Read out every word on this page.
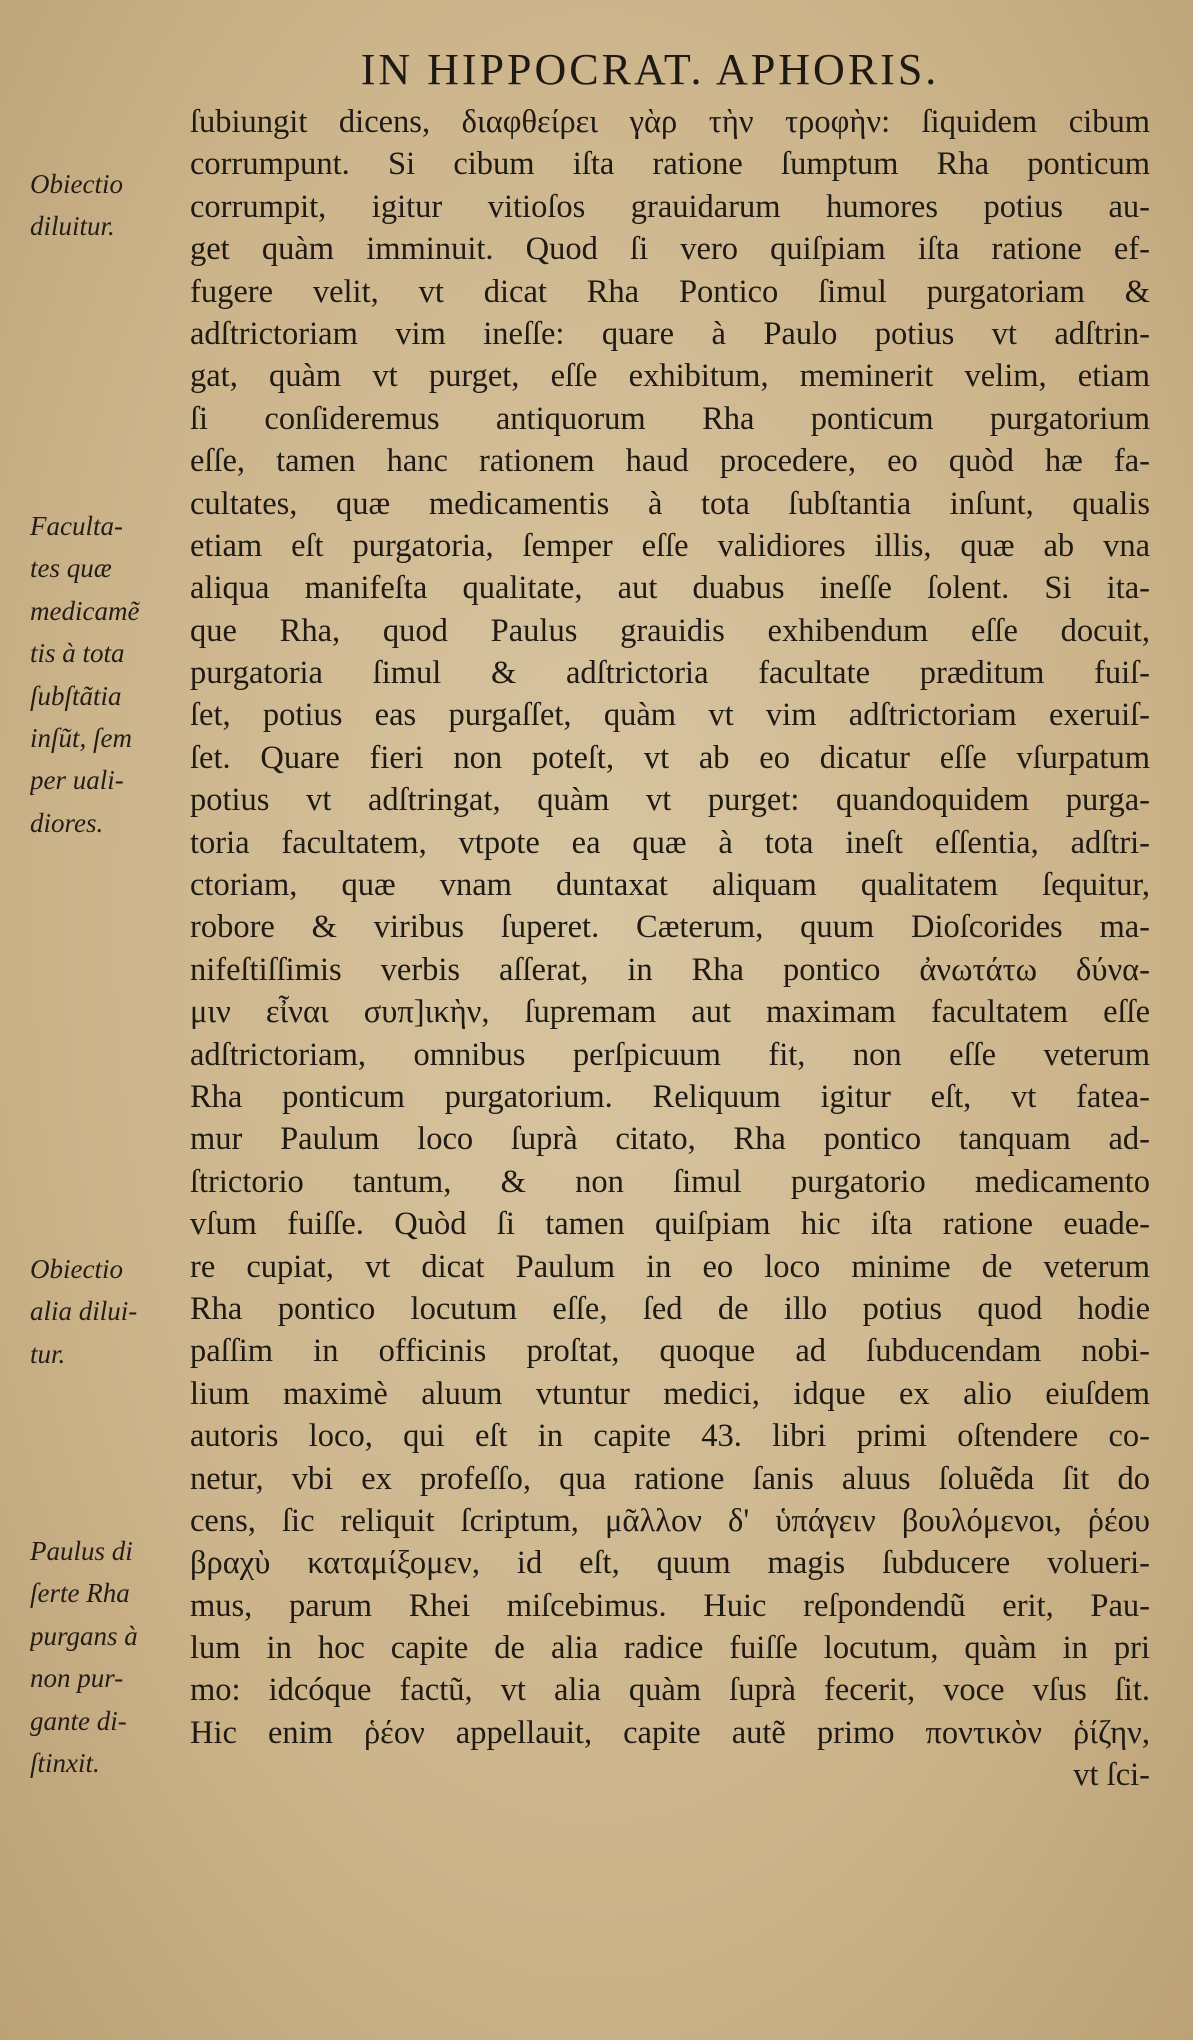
IN HIPPOCRAT. APHORIS.
ſubiungit dicens, διαφθείρει γὰρ τὴν τροφὴν: ſiquidem cibum
corrumpunt. Si cibum iſta ratione ſumptum Rha ponticum
corrumpit, igitur vitioſos grauidarum humores potius au-
get quàm imminuit. Quod ſi vero quiſpiam iſta ratione ef-
fugere velit, vt dicat Rha Pontico ſimul purgatoriam &
adſtrictoriam vim ineſſe: quare à Paulo potius vt adſtrin-
gat, quàm vt purget, eſſe exhibitum, meminerit velim, etiam
ſi conſideremus antiquorum Rha ponticum purgatorium
eſſe, tamen hanc rationem haud procedere, eo quòd hæ fa-
cultates, quæ medicamentis à tota ſubſtantia inſunt, qualis
etiam eſt purgatoria, ſemper eſſe validiores illis, quæ ab vna
aliqua manifeſta qualitate, aut duabus ineſſe ſolent. Si ita-
que Rha, quod Paulus grauidis exhibendum eſſe docuit,
purgatoria ſimul & adſtrictoria facultate præditum fuiſ-
ſet, potius eas purgaſſet, quàm vt vim adſtrictoriam exeruiſ-
ſet. Quare fieri non poteſt, vt ab eo dicatur eſſe vſurpatum
potius vt adſtringat, quàm vt purget: quandoquidem purga-
toria facultatem, vtpote ea quæ à tota ineſt eſſentia, adſtri-
ctoriam, quæ vnam duntaxat aliquam qualitatem ſequitur,
robore & viribus ſuperet. Cæterum, quum Dioſcorides ma-
nifeſtiſſimis verbis aſſerat, in Rha pontico ἀνωτάτω δύνα-
μιν εἶναι συπ]ικὴν, ſupremam aut maximam facultatem eſſe
adſtrictoriam, omnibus perſpicuum fit, non eſſe veterum
Rha ponticum purgatorium. Reliquum igitur eſt, vt fatea-
mur Paulum loco ſuprà citato, Rha pontico tanquam ad-
ſtrictorio tantum, & non ſimul purgatorio medicamento
vſum fuiſſe. Quòd ſi tamen quiſpiam hic iſta ratione euade-
re cupiat, vt dicat Paulum in eo loco minime de veterum
Rha pontico locutum eſſe, ſed de illo potius quod hodie
paſſim in officinis proſtat, quoque ad ſubducendam nobi-
lium maximè aluum vtuntur medici, idque ex alio eiuſdem
autoris loco, qui eſt in capite 43. libri primi oſtendere co-
netur, vbi ex profeſſo, qua ratione ſanis aluus ſoluẽda ſit do
cens, ſic reliquit ſcriptum, μᾶλλον δ' ὑπάγειν βουλόμενοι, ῥέου
βραχὺ καταμίξομεν, id eſt, quum magis ſubducere volueri-
mus, parum Rhei miſcebimus. Huic reſpondendũ erit, Pau-
lum in hoc capite de alia radice fuiſſe locutum, quàm in pri
mo: idcóque factũ, vt alia quàm ſuprà fecerit, voce vſus ſit.
Hic enim ῥέον appellauit, capite autẽ primo ποντικὸν ῥίζην,
vt ſci-
Obiectio
diluitur.
Faculta-
tes quæ
medicamẽ
tis à tota
ſubſtãtia
inſũt, ſem
per uali-
diores.
Obiectio
alia dilui-
tur.
Paulus di
ſerte Rha
purgans à
non pur-
gante di-
ſtinxit.
